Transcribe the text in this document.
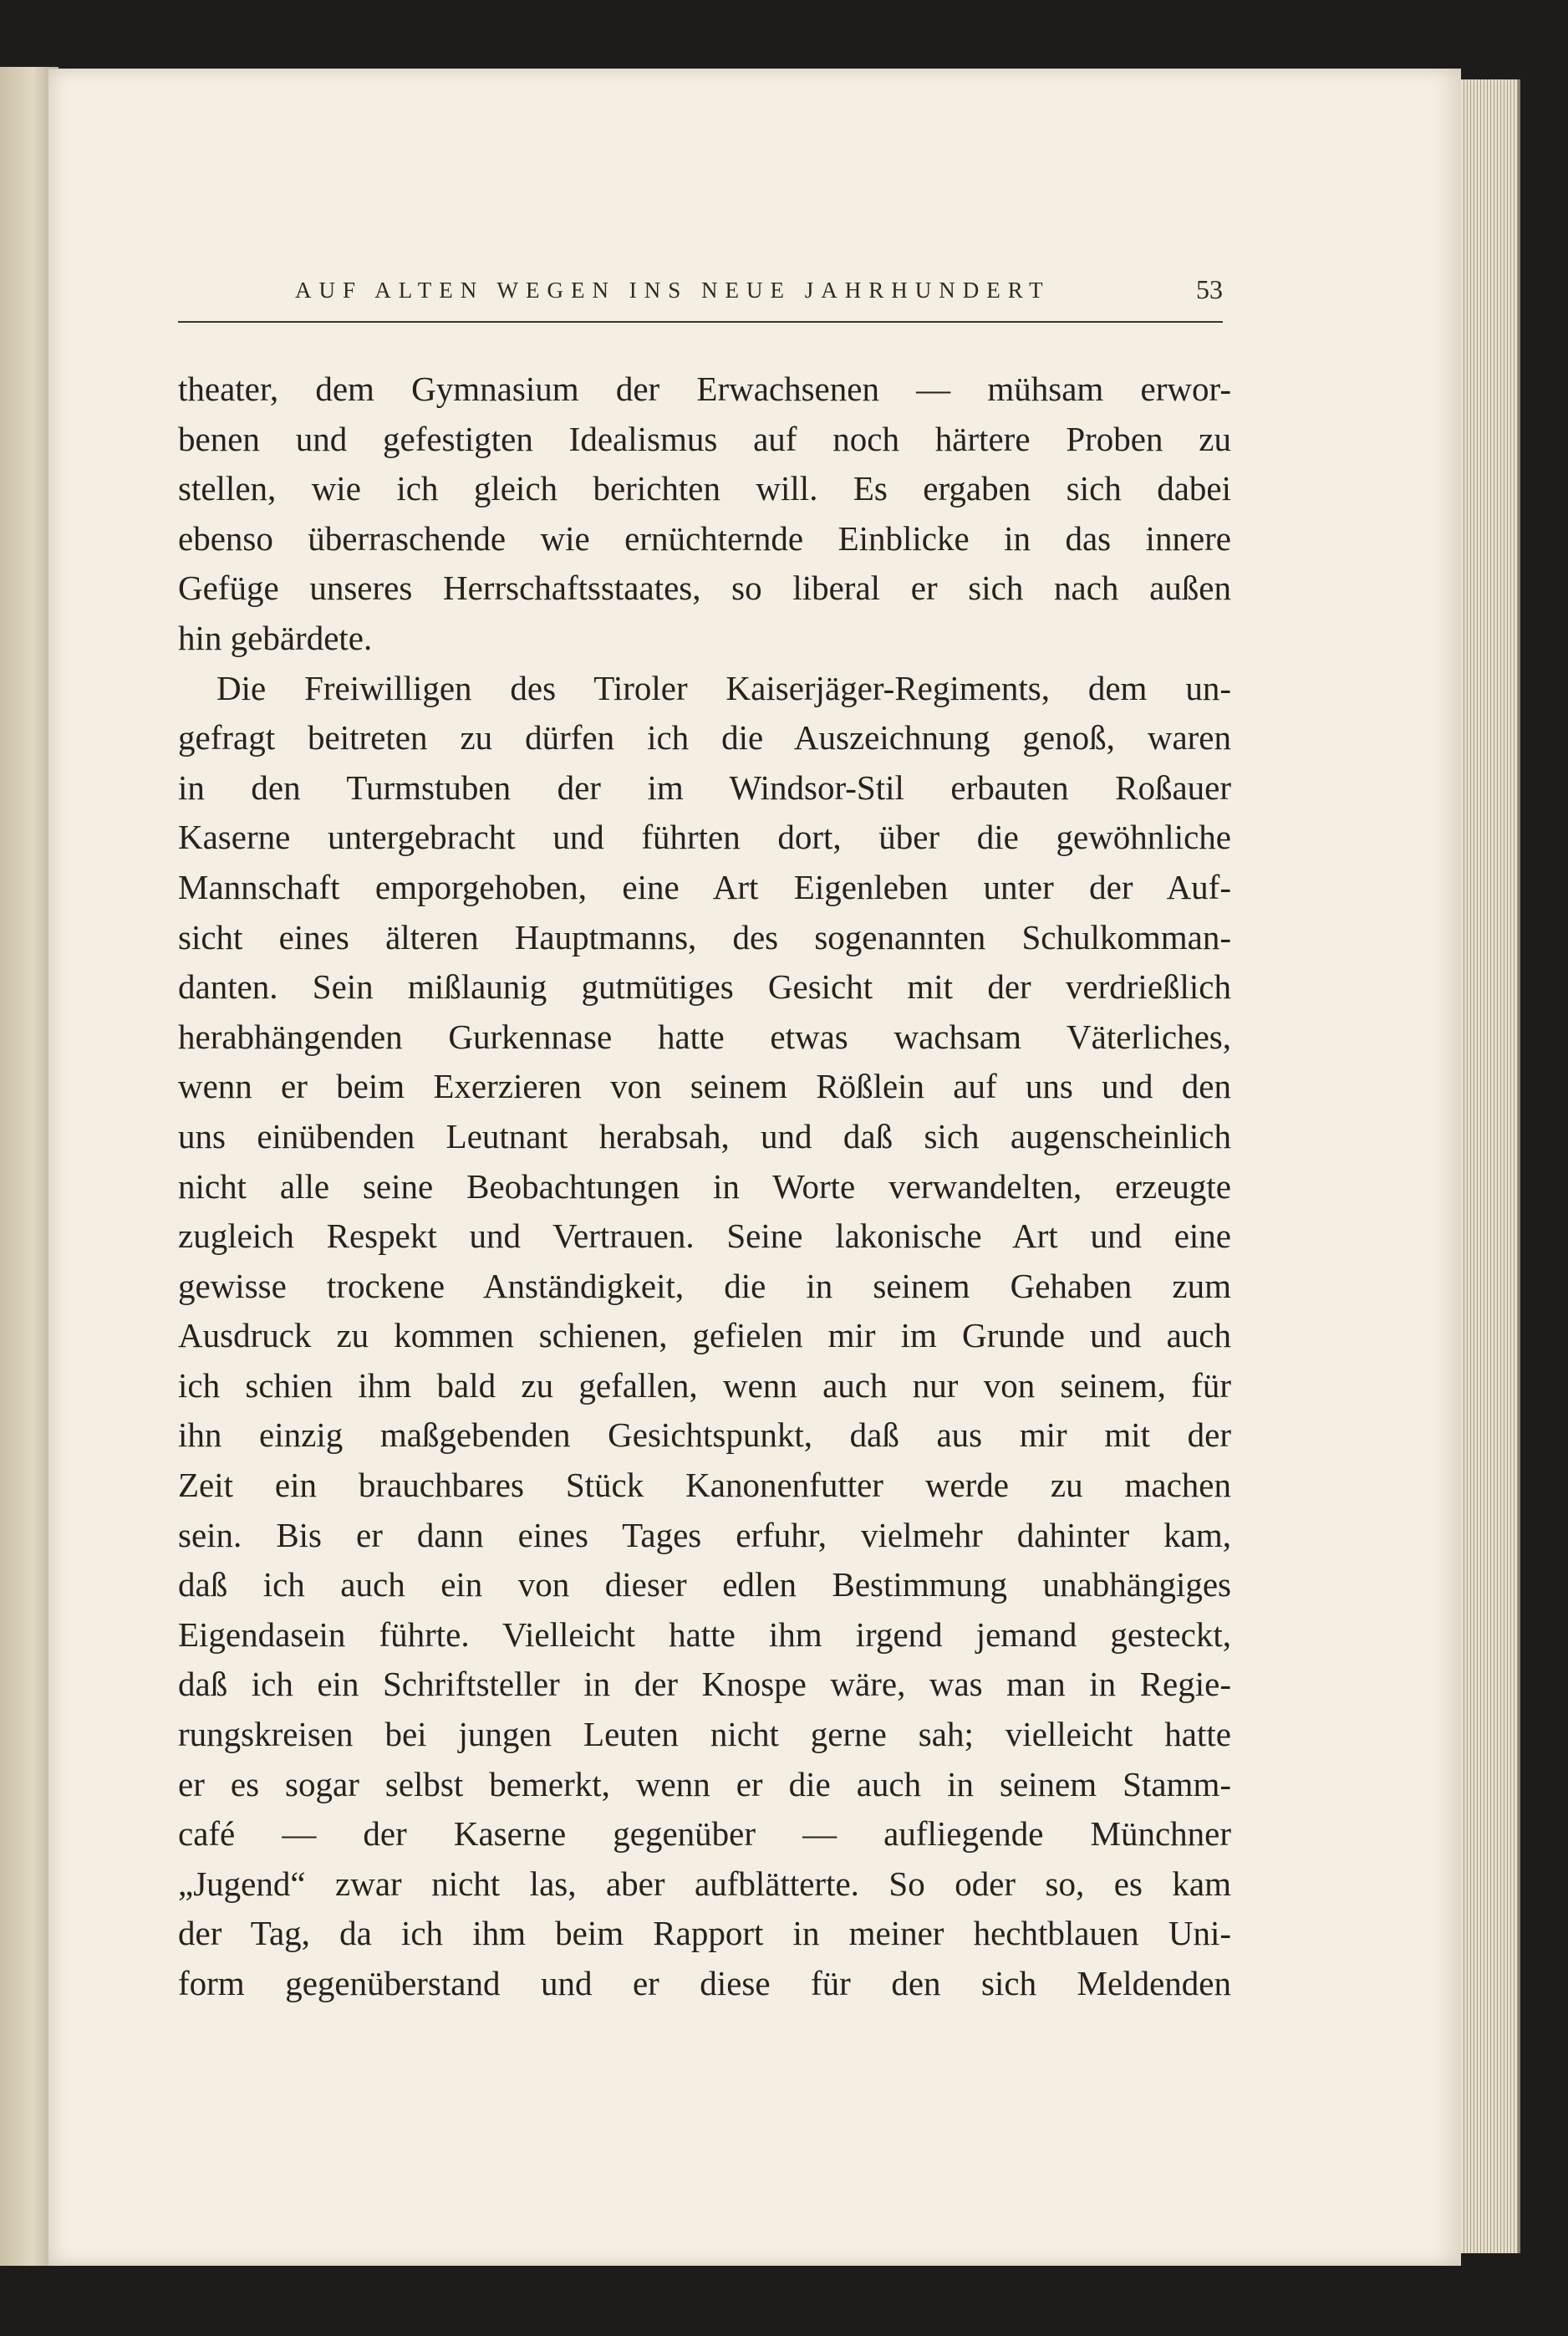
AUF ALTEN WEGEN INS NEUE JAHRHUNDERT	53
theater, dem Gymnasium der Erwachsenen — mühsam erwor-
benen und gefestigten Idealismus auf noch härtere Proben zu
stellen, wie ich gleich berichten will. Es ergaben sich dabei
ebenso überraschende wie ernüchternde Einblicke in das innere
Gefüge unseres Herrschaftsstaates, so liberal er sich nach außen
hin gebärdete.
Die Freiwilligen des Tiroler Kaiserjäger-Regiments, dem un-
gefragt beitreten zu dürfen ich die Auszeichnung genoß, waren
in den Turmstuben der im Windsor-Stil erbauten Roßauer
Kaserne untergebracht und führten dort, über die gewöhnliche
Mannschaft emporgehoben, eine Art Eigenleben unter der Auf-
sicht eines älteren Hauptmanns, des sogenannten Schulkomman-
danten. Sein mißlaunig gutmütiges Gesicht mit der verdrießlich
herabhängenden Gurkennase hatte etwas wachsam Väterliches,
wenn er beim Exerzieren von seinem Rößlein auf uns und den
uns einübenden Leutnant herabsah, und daß sich augenscheinlich
nicht alle seine Beobachtungen in Worte verwandelten, erzeugte
zugleich Respekt und Vertrauen. Seine lakonische Art und eine
gewisse trockene Anständigkeit, die in seinem Gehaben zum
Ausdruck zu kommen schienen, gefielen mir im Grunde und auch
ich schien ihm bald zu gefallen, wenn auch nur von seinem, für
ihn einzig maßgebenden Gesichtspunkt, daß aus mir mit der
Zeit ein brauchbares Stück Kanonenfutter werde zu machen
sein. Bis er dann eines Tages erfuhr, vielmehr dahinter kam,
daß ich auch ein von dieser edlen Bestimmung unabhängiges
Eigendasein führte. Vielleicht hatte ihm irgend jemand gesteckt,
daß ich ein Schriftsteller in der Knospe wäre, was man in Regie-
rungskreisen bei jungen Leuten nicht gerne sah; vielleicht hatte
er es sogar selbst bemerkt, wenn er die auch in seinem Stamm-
café — der Kaserne gegenüber — aufliegende Münchner
„Jugend“ zwar nicht las, aber aufblätterte. So oder so, es kam
der Tag, da ich ihm beim Rapport in meiner hechtblauen Uni-
form gegenüberstand und er diese für den sich Meldenden
